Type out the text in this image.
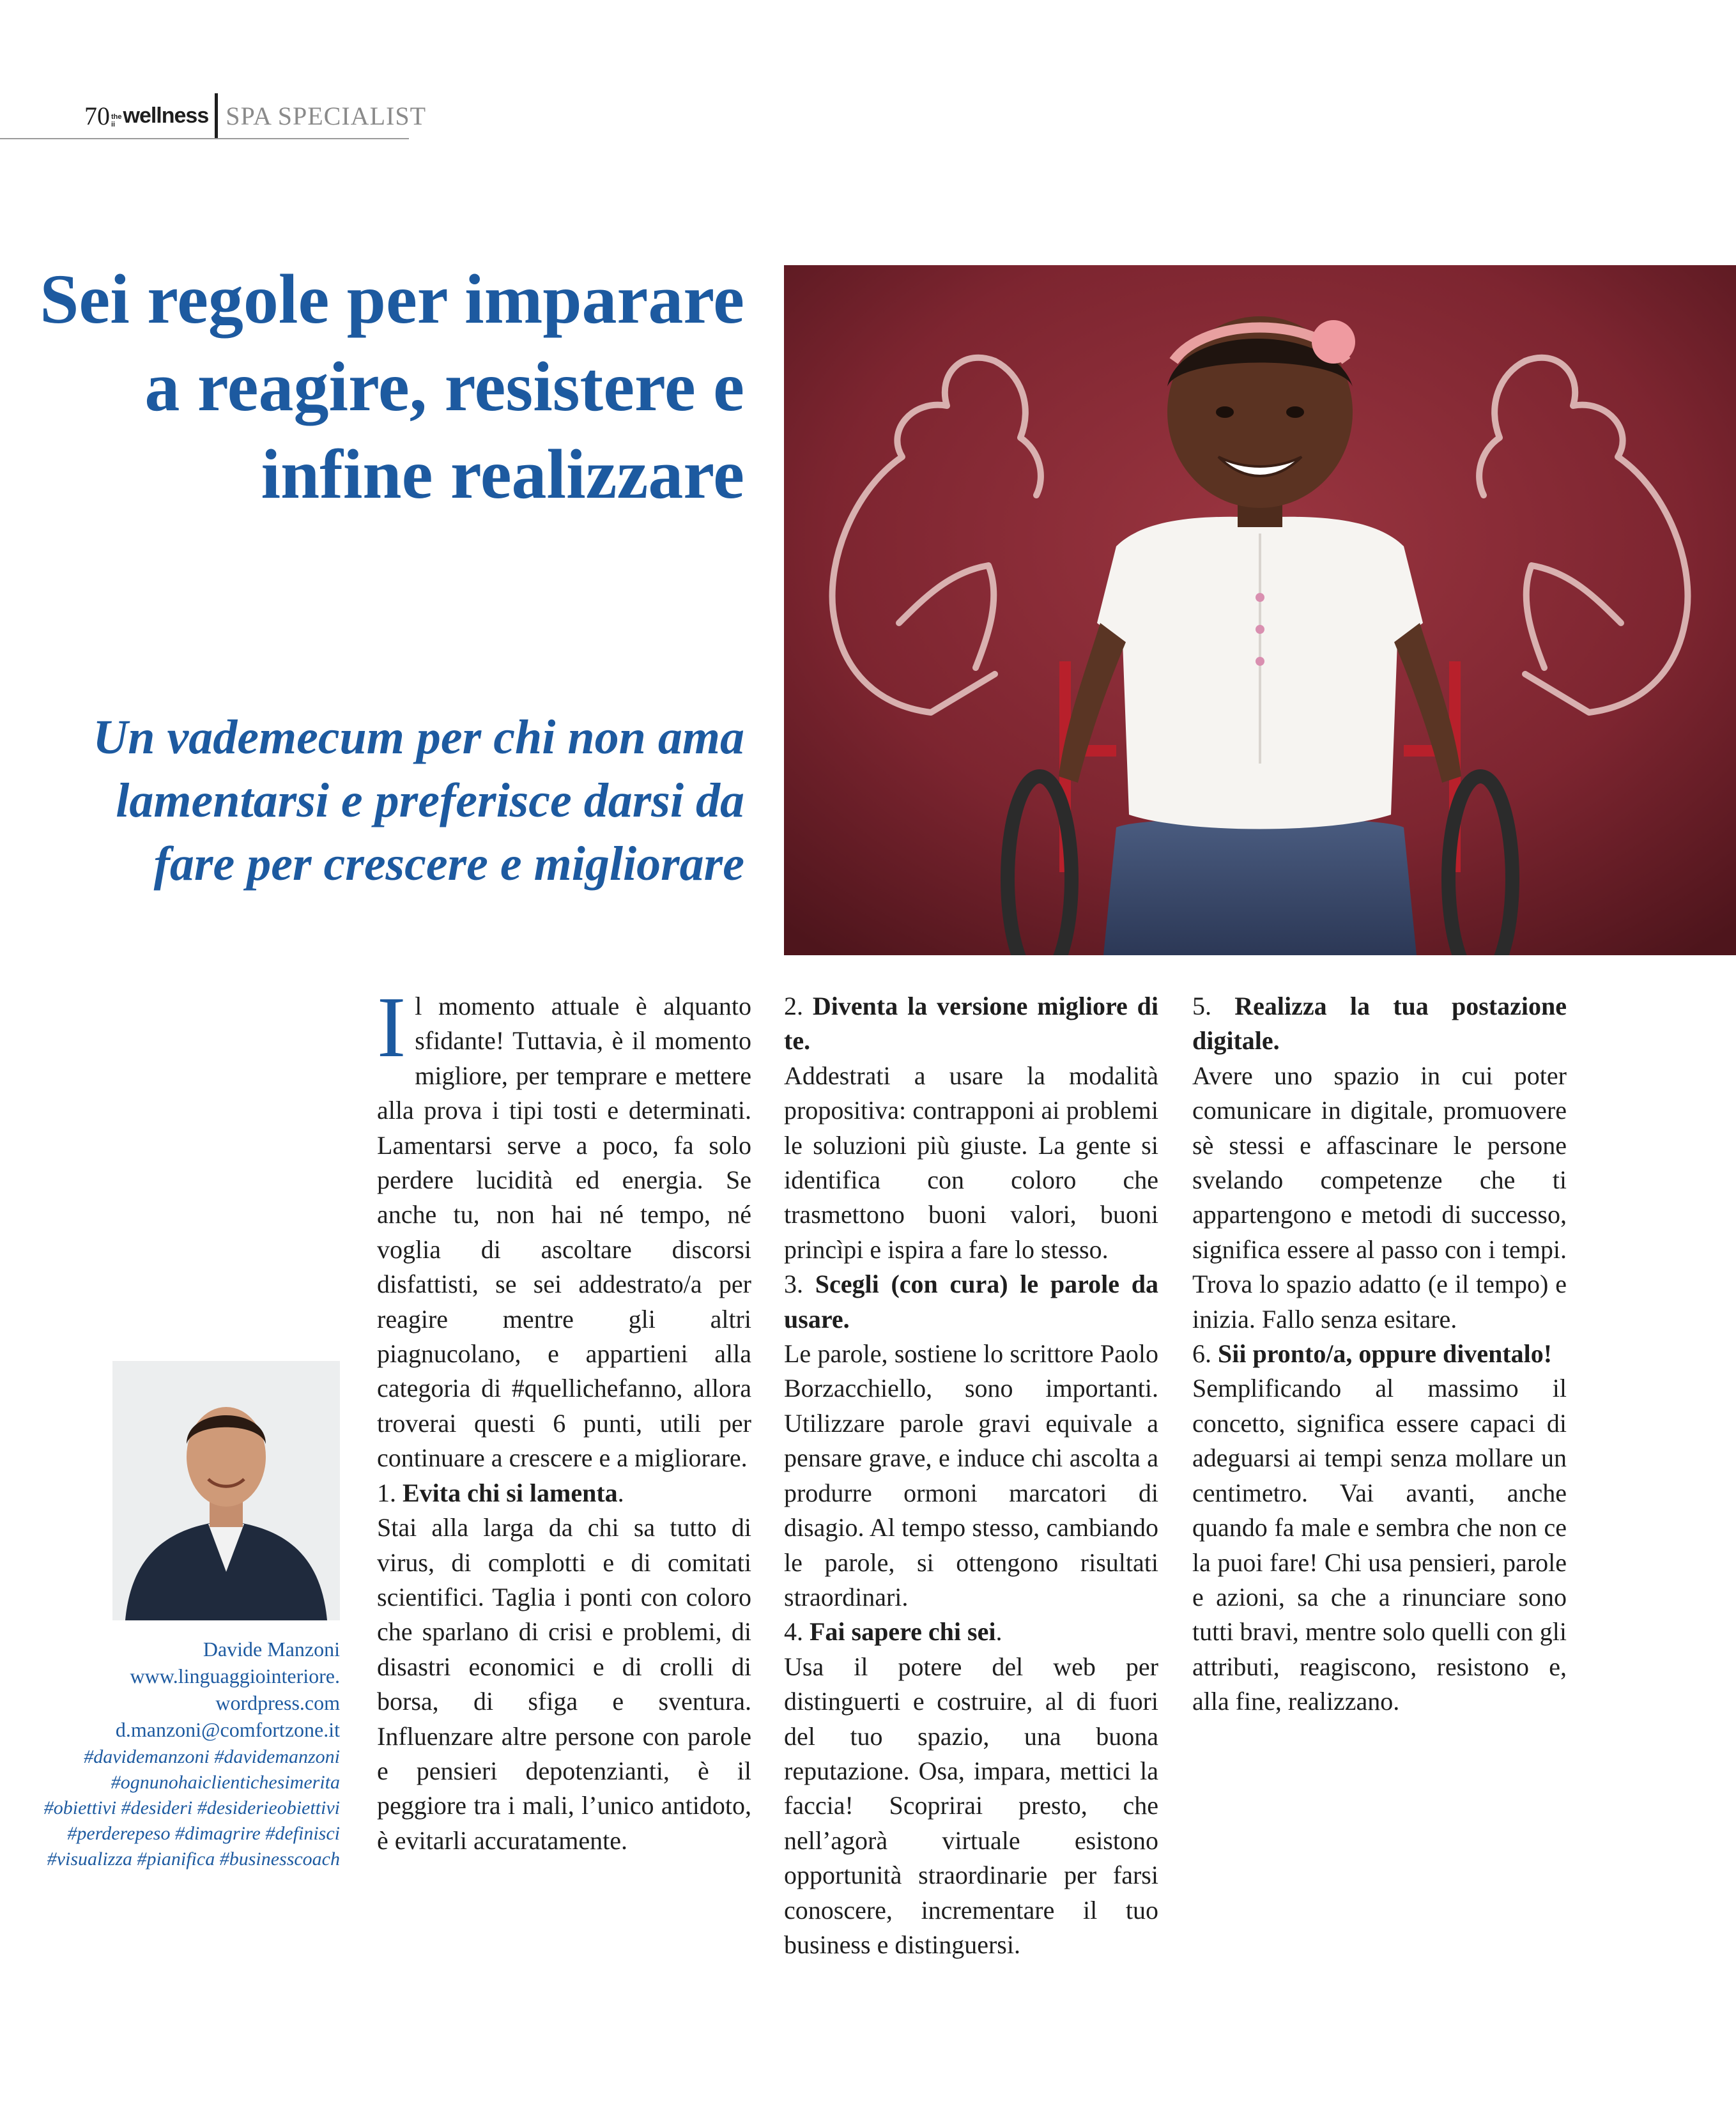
70 the
ii wellness SPA SPECIALIST
Sei regole per imparare a reagire, resistere e infine realizzare
Un vademecum per chi non ama lamentarsi e preferisce darsi da fare per crescere e migliorare
Davide Manzoni
www.linguaggiointeriore.
wordpress.com
d.manzoni@comfortzone.it
#davidemanzoni #davidemanzoni #ognunohaiclientichesimerita #obiettivi #desideri #desiderieobiettivi #perderepeso #dimagrire #definisci #visualizza #pianifica #businesscoach

Il momento attuale è alquanto sfidante! Tuttavia, è il momento migliore, per temprare e mettere alla prova i tipi tosti e determinati. Lamentarsi serve a poco, fa solo perdere lucidità ed energia. Se anche tu, non hai né tempo, né voglia di ascoltare discorsi disfattisti, se sei addestrato/a per reagire mentre gli altri piagnucolano, e appartieni alla categoria di #quellichefanno, allora troverai questi 6 punti, utili per continuare a crescere e a migliorare.

1. Evita chi si lamenta.

Stai alla larga da chi sa tutto di virus, di complotti e di comitati scientifici. Taglia i ponti con coloro che sparlano di crisi e problemi, di disastri economici e di crolli di borsa, di sfiga e sventura. Influenzare altre persone con parole e pensieri depotenzianti, è il peggiore tra i mali, l’unico antidoto, è evitarli accuratamente.

2. Diventa la versione migliore di te.

Addestrati a usare la modalità propositiva: contrapponi ai problemi le soluzioni più giuste. La gente si identifica con coloro che trasmettono buoni valori, buoni princìpi e ispira a fare lo stesso.

3. Scegli (con cura) le parole da usare.

Le parole, sostiene lo scrittore Paolo Borzacchiello, sono importanti. Utilizzare parole gravi equivale a pensare grave, e induce chi ascolta a produrre ormoni marcatori di disagio. Al tempo stesso, cambiando le parole, si ottengono risultati straordinari.

4. Fai sapere chi sei.

Usa il potere del web per distinguerti e costruire, al di fuori del tuo spazio, una buona reputazione. Osa, impara, mettici la faccia! Scoprirai presto, che nell’agorà virtuale esistono opportunità straordinarie per farsi conoscere, incrementare il tuo business e distinguersi.

5. Realizza la tua postazione digitale.

Avere uno spazio in cui poter comunicare in digitale, promuovere sè stessi e affascinare le persone svelando competenze che ti appartengono e metodi di successo, significa essere al passo con i tempi. Trova lo spazio adatto (e il tempo) e inizia. Fallo senza esitare.

6. Sii pronto/a, oppure diventalo!

Semplificando al massimo il concetto, significa essere capaci di adeguarsi ai tempi senza mollare un centimetro. Vai avanti, anche quando fa male e sembra che non ce la puoi fare! Chi usa pensieri, parole e azioni, sa che a rinunciare sono tutti bravi, mentre solo quelli con gli attributi, reagiscono, resistono e, alla fine, realizzano.
